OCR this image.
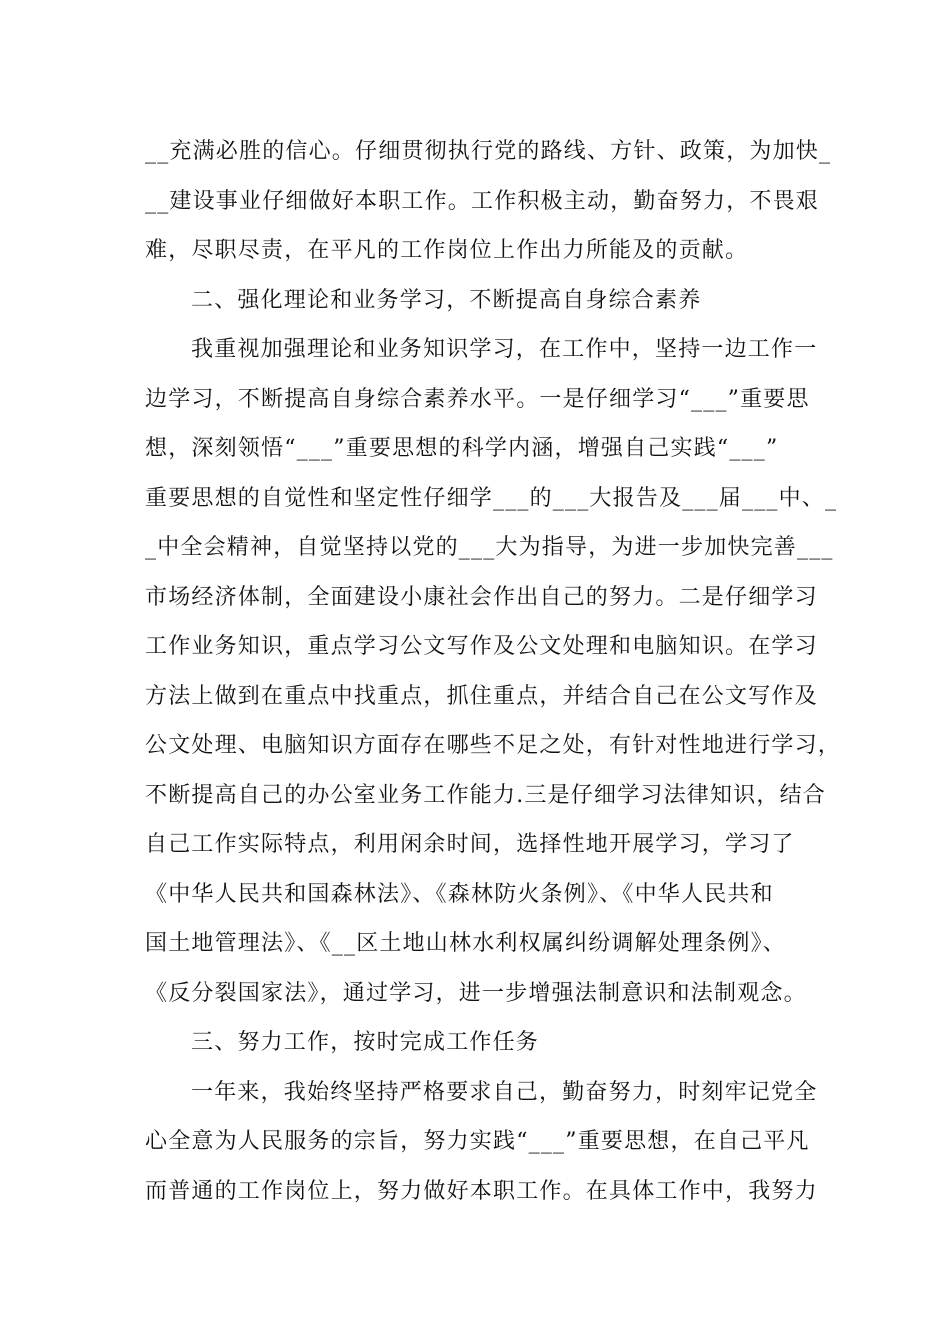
__充满必胜的信心。仔细贯彻执行党的路线、方针、政策，为加快_
__建设事业仔细做好本职工作。工作积极主动，勤奋努力，不畏艰
难，尽职尽责，在平凡的工作岗位上作出力所能及的贡献。
二、强化理论和业务学习，不断提高自身综合素养
我重视加强理论和业务知识学习，在工作中，坚持一边工作一
边学习，不断提高自身综合素养水平。一是仔细学习“___”重要思
想，深刻领悟“___”重要思想的科学内涵，增强自己实践“___”
重要思想的自觉性和坚定性仔细学___的___大报告及___届___中、_
_中全会精神，自觉坚持以党的___大为指导，为进一步加快完善___
市场经济体制，全面建设小康社会作出自己的努力。二是仔细学习
工作业务知识，重点学习公文写作及公文处理和电脑知识。在学习
方法上做到在重点中找重点，抓住重点，并结合自己在公文写作及
公文处理、电脑知识方面存在哪些不足之处，有针对性地进行学习，
不断提高自己的办公室业务工作能力.三是仔细学习法律知识，结合
自己工作实际特点，利用闲余时间，选择性地开展学习，学习了
《中华人民共和国森林法》、《森林防火条例》、《中华人民共和
国土地管理法》、《__区土地山林水利权属纠纷调解处理条例》、
《反分裂国家法》，通过学习，进一步增强法制意识和法制观念。
三、努力工作，按时完成工作任务
一年来，我始终坚持严格要求自己，勤奋努力，时刻牢记党全
心全意为人民服务的宗旨，努力实践“___”重要思想，在自己平凡
而普通的工作岗位上，努力做好本职工作。在具体工作中，我努力
